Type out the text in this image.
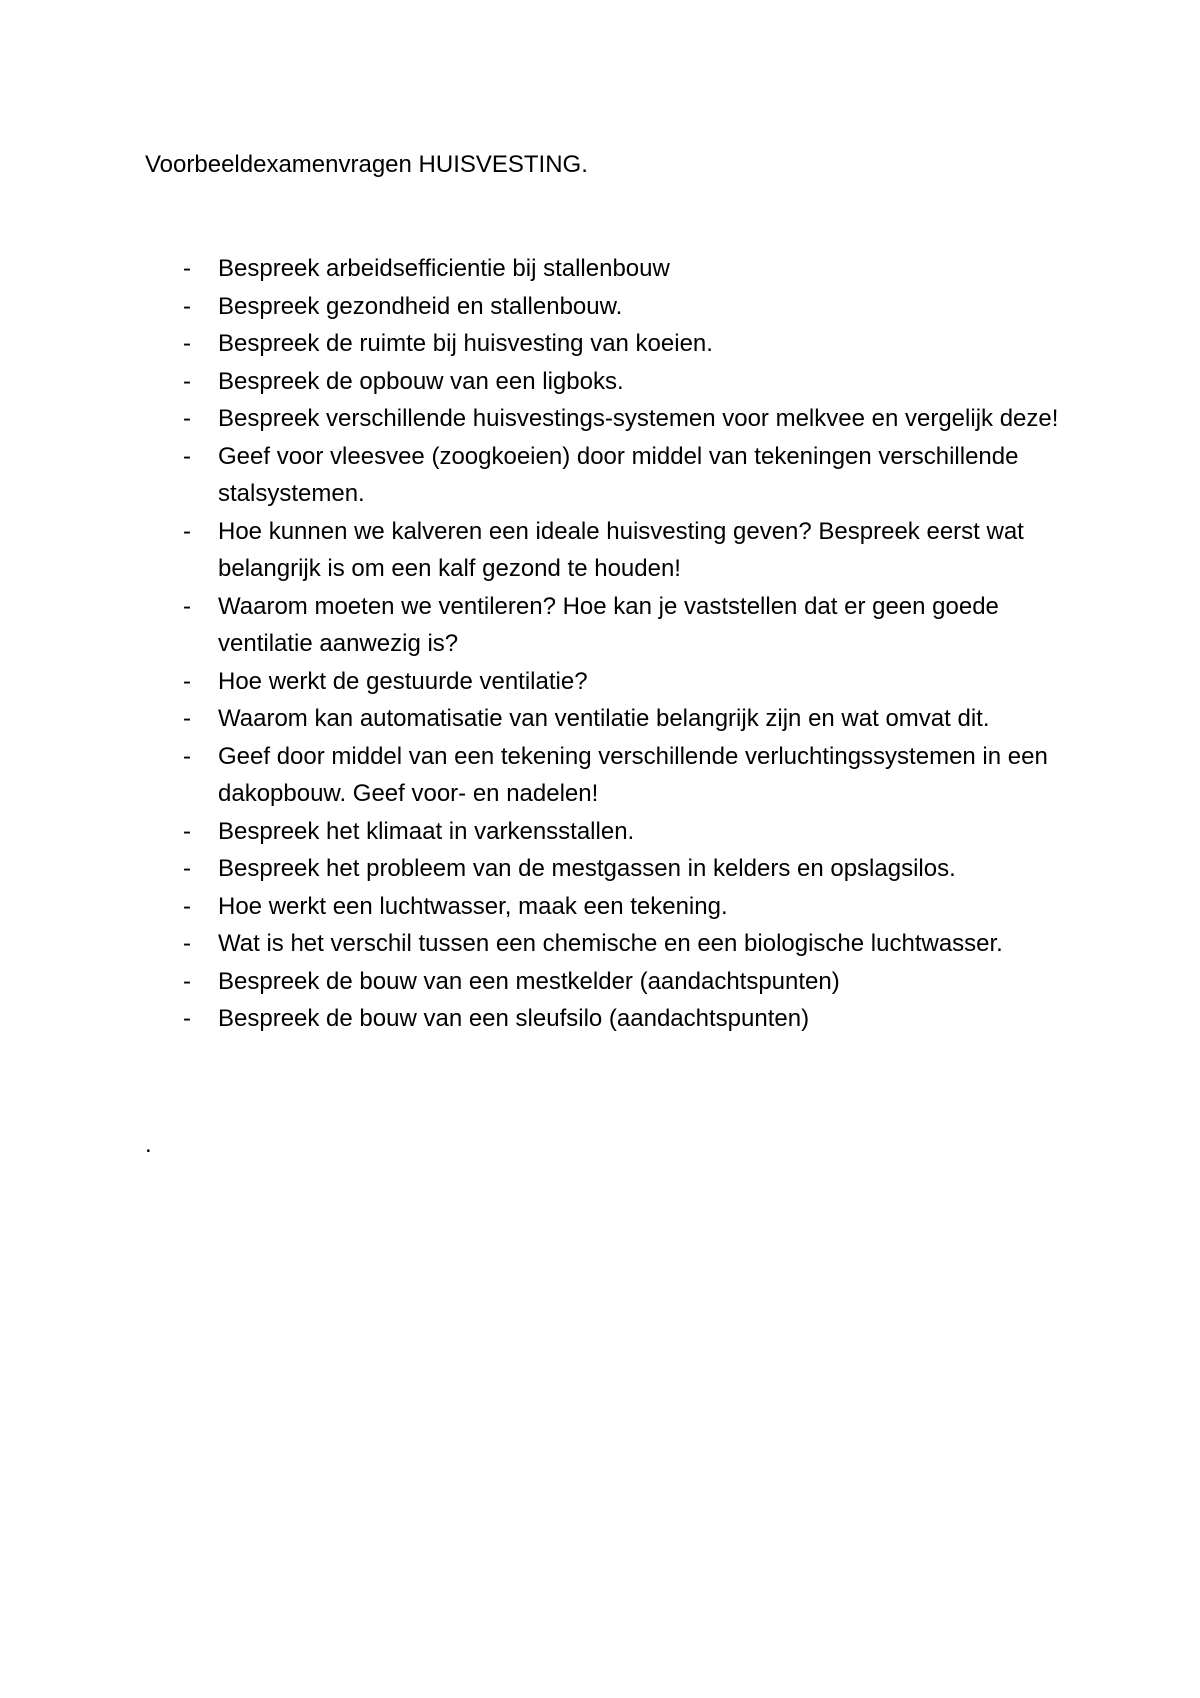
Voorbeeldexamenvragen HUISVESTING.
- Bespreek arbeidsefficientie bij stallenbouw
- Bespreek gezondheid en stallenbouw.
- Bespreek de ruimte bij huisvesting van koeien.
- Bespreek de opbouw van een ligboks.
- Bespreek verschillende huisvestings-systemen voor melkvee en vergelijk deze!
- Geef voor vleesvee (zoogkoeien) door middel van tekeningen verschillende stalsystemen.
- Hoe kunnen we kalveren een ideale huisvesting geven? Bespreek eerst wat belangrijk is om een kalf gezond te houden!
- Waarom moeten we ventileren? Hoe kan je vaststellen dat er geen goede ventilatie aanwezig is?
- Hoe werkt de gestuurde ventilatie?
- Waarom kan automatisatie van ventilatie belangrijk zijn en wat omvat dit.
- Geef door middel van een tekening verschillende verluchtingssystemen in een dakopbouw. Geef voor- en nadelen!
- Bespreek het klimaat in varkensstallen.
- Bespreek het probleem van de mestgassen in kelders en opslagsilos.
- Hoe werkt een luchtwasser, maak een tekening.
- Wat is het verschil tussen een chemische en een biologische luchtwasser.
- Bespreek de bouw van een mestkelder (aandachtspunten)
- Bespreek de bouw van een sleufsilo (aandachtspunten)
.
